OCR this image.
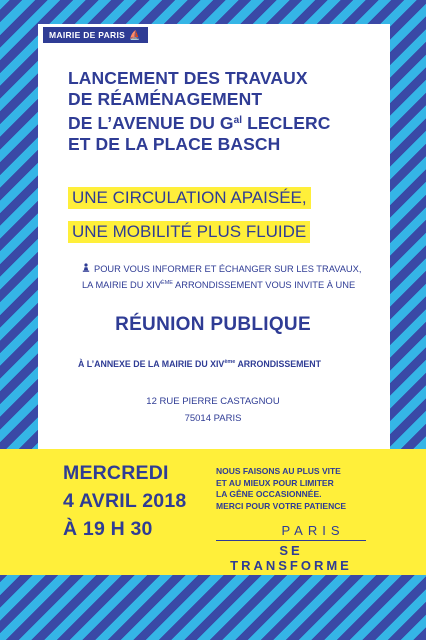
MAIRIE DE PARIS ⛵
LANCEMENT DES TRAVAUX
DE RÉAMÉNAGEMENT
DE L’AVENUE DU $G^{al}$ LECLERC
ET DE LA PLACE BASCH
UNE CIRCULATION APAISÉE,
UNE MOBILITÉ PLUS FLUIDE
POUR VOUS INFORMER ET ÉCHANGER SUR LES TRAVAUX, LA MAIRIE DU XIVÈME ARRONDISSEMENT VOUS INVITE À UNE
RÉUNION PUBLIQUE
À L’ANNEXE DE LA MAIRIE DU XIVème ARRONDISSEMENT
12 RUE PIERRE CASTAGNOU
75014 PARIS
MERCREDI
4 AVRIL 2018
À 19 H 30
NOUS FAISONS AU PLUS VITE
ET AU MIEUX POUR LIMITER
LA GÊNE OCCASIONNÉE.
MERCI POUR VOTRE PATIENCE
PARIS
SE TRANSFORME
